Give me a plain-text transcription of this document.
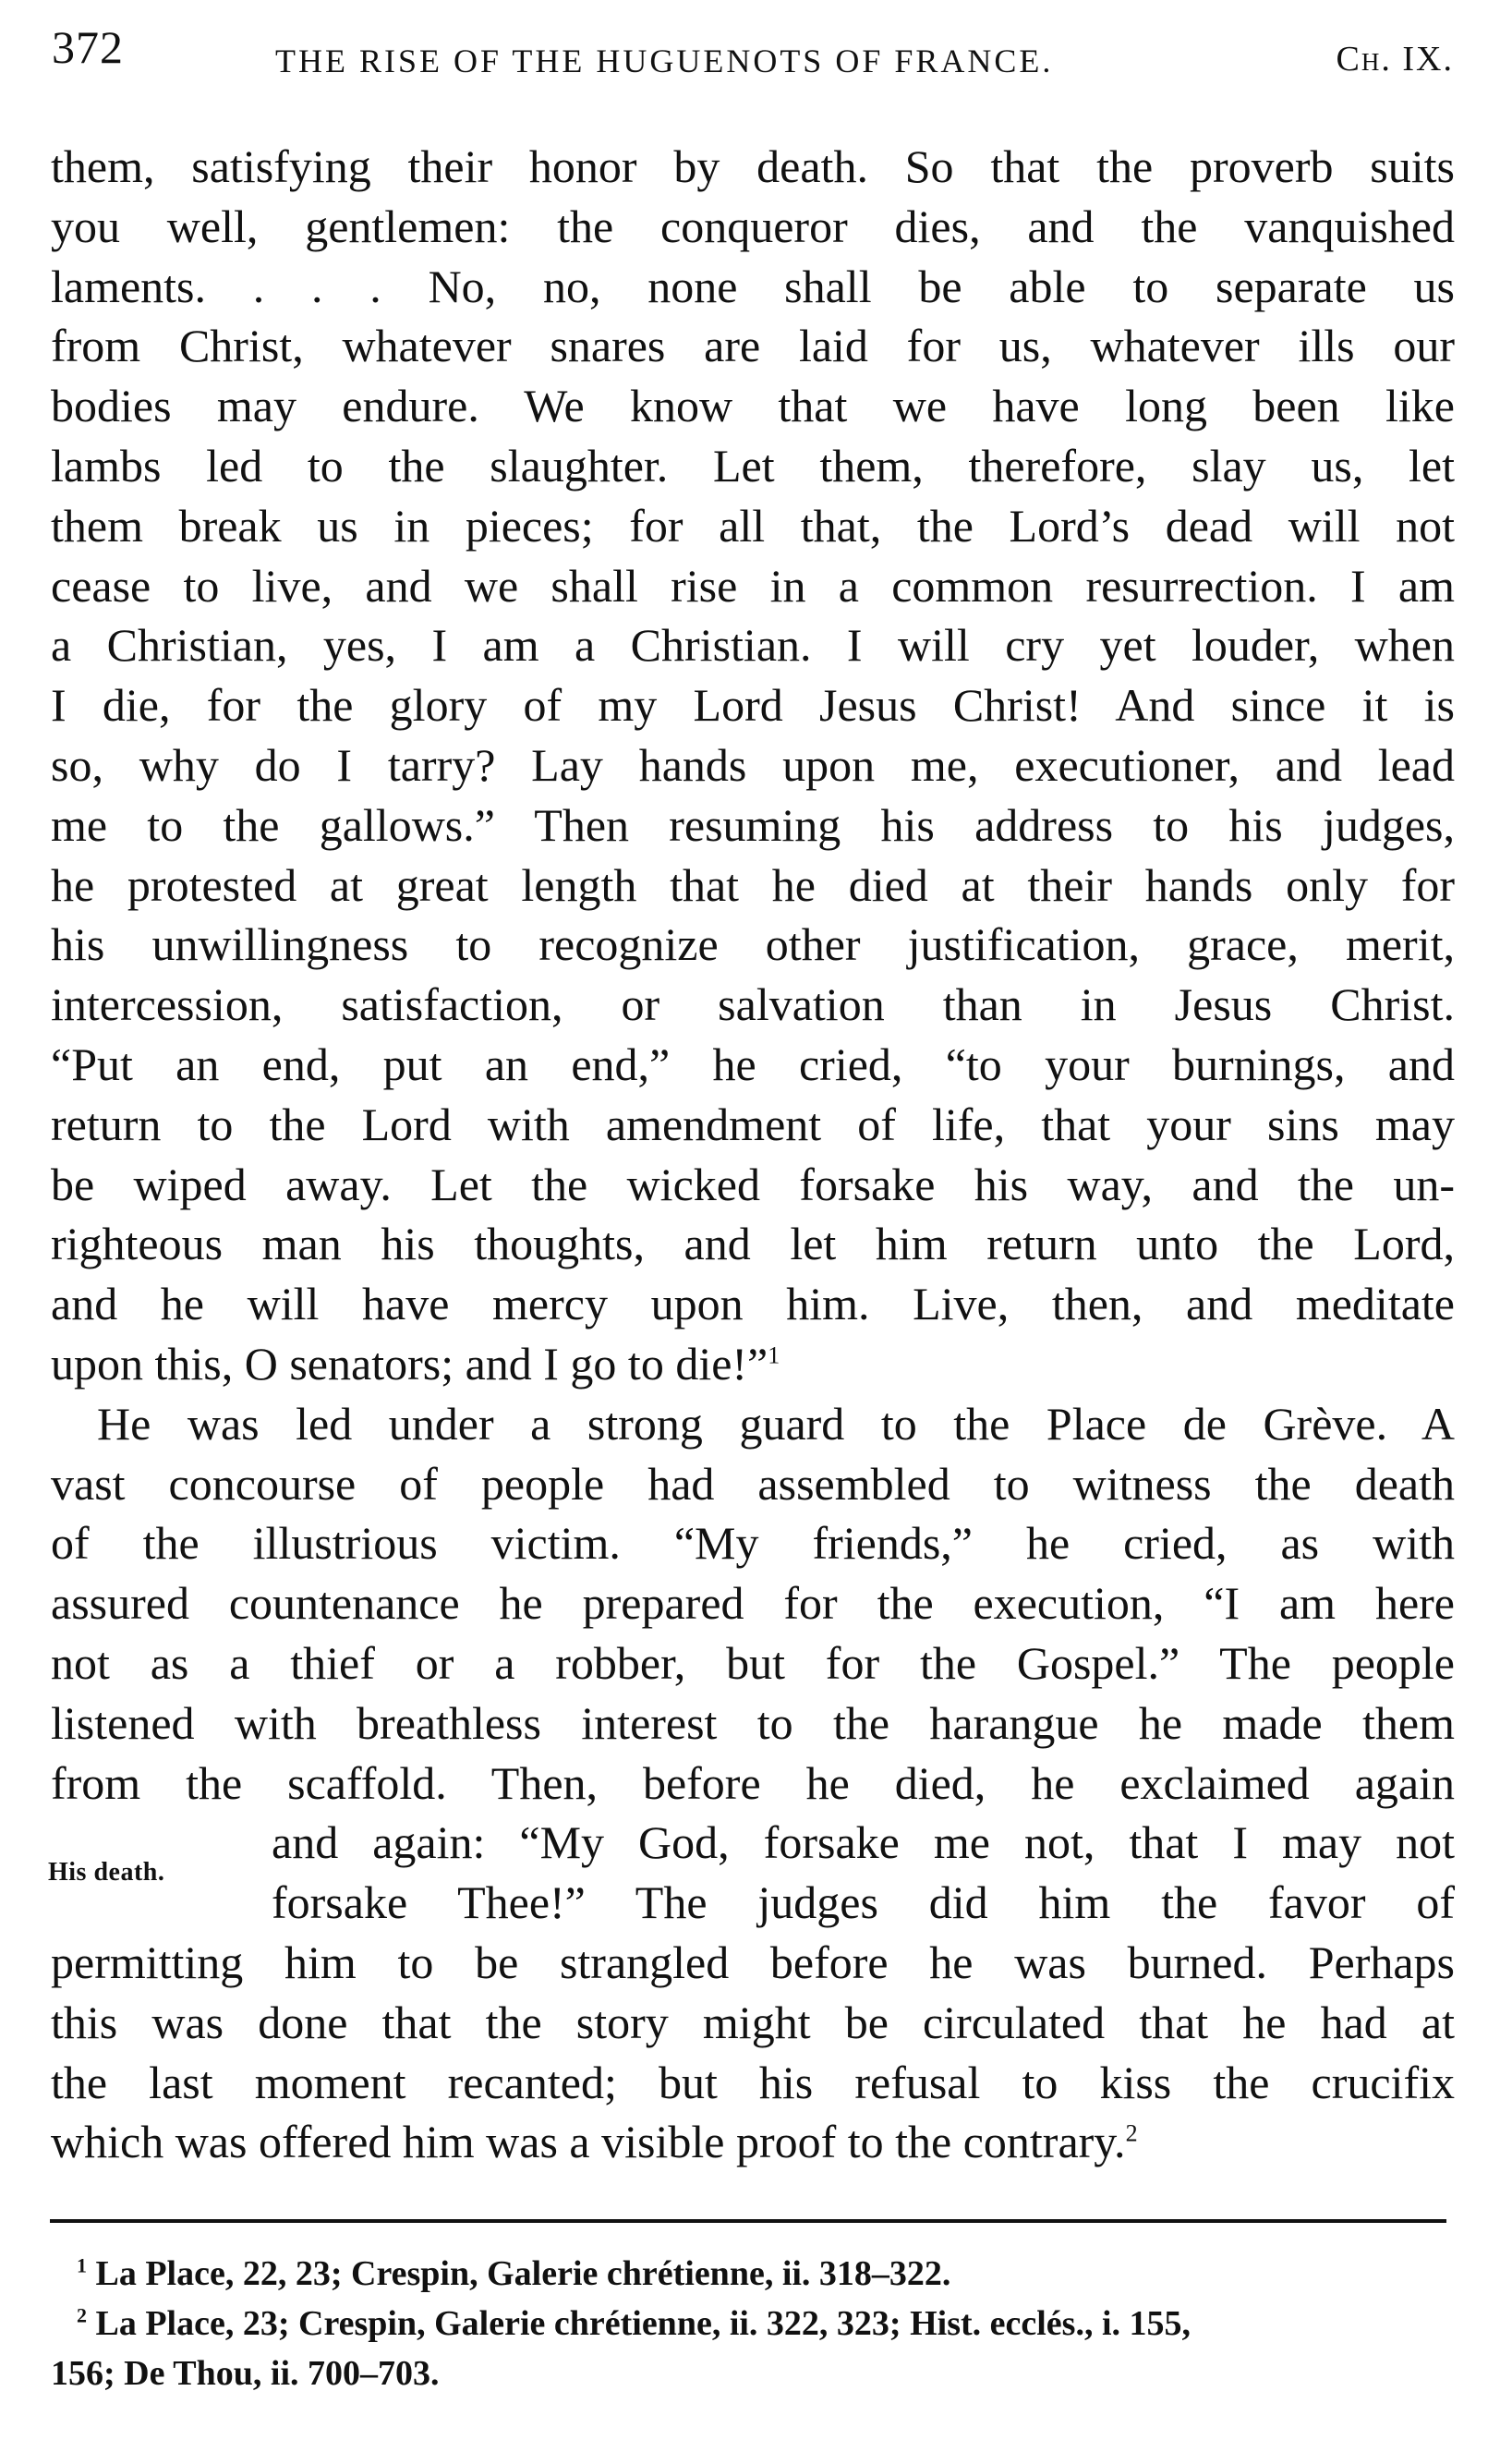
372	THE RISE OF THE HUGUENOTS OF FRANCE.	Ch. IX.
them, satisfying their honor by death. So that the proverb suits
you well, gentlemen: the conqueror dies, and the vanquished
laments. . . . No, no, none shall be able to separate us
from Christ, whatever snares are laid for us, whatever ills our
bodies may endure. We know that we have long been like
lambs led to the slaughter. Let them, therefore, slay us, let
them break us in pieces; for all that, the Lord’s dead will not
cease to live, and we shall rise in a common resurrection. I am
a Christian, yes, I am a Christian. I will cry yet louder, when
I die, for the glory of my Lord Jesus Christ! And since it is
so, why do I tarry? Lay hands upon me, executioner, and lead
me to the gallows.” Then resuming his address to his judges,
he protested at great length that he died at their hands only for
his unwillingness to recognize other justification, grace, merit,
intercession, satisfaction, or salvation than in Jesus Christ.
“Put an end, put an end,” he cried, “to your burnings, and
return to the Lord with amendment of life, that your sins may
be wiped away. Let the wicked forsake his way, and the un-
righteous man his thoughts, and let him return unto the Lord,
and he will have mercy upon him. Live, then, and meditate
upon this, O senators; and I go to die!”$^1$
He was led under a strong guard to the Place de Grève. A
vast concourse of people had assembled to witness the death
of the illustrious victim. “My friends,” he cried, as with
assured countenance he prepared for the execution, “I am here
not as a thief or a robber, but for the Gospel.” The people
listened with breathless interest to the harangue he made them
from the scaffold. Then, before he died, he exclaimed again
and again: “My God, forsake me not, that I may not
forsake Thee!” The judges did him the favor of
permitting him to be strangled before he was burned. Perhaps
this was done that the story might be circulated that he had at
the last moment recanted; but his refusal to kiss the crucifix
which was offered him was a visible proof to the contrary.$^2$
His death.
$^1$ La Place, 22, 23; Crespin, Galerie chrétienne, ii. 318–322.
$^2$ La Place, 23; Crespin, Galerie chrétienne, ii. 322, 323; Hist. ecclés., i. 155,
156; De Thou, ii. 700–703.
